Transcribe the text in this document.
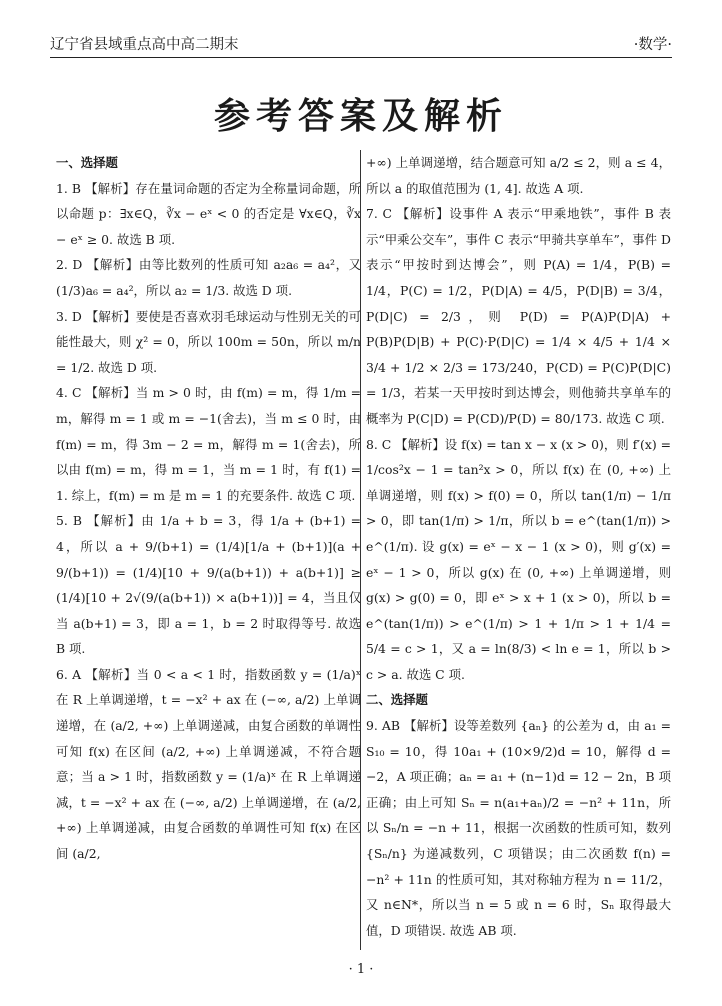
辽宁省县域重点高中高二期末	·数学·
参考答案及解析
一、选择题

1. B 【解析】存在量词命题的否定为全称量词命题，所以命题 p：∃x∈Q，∛x − eˣ < 0 的否定是 ∀x∈Q，∛x − eˣ ≥ 0. 故选 B 项.

2. D 【解析】由等比数列的性质可知 a₂a₆ = a₄²，又 (1/3)a₆ = a₄²，所以 a₂ = 1/3. 故选 D 项.

3. D 【解析】要使是否喜欢羽毛球运动与性别无关的可能性最大，则 χ² = 0，所以 100m = 50n，所以 m/n = 1/2. 故选 D 项.

4. C 【解析】当 m > 0 时，由 f(m) = m，得 1/m = m，解得 m = 1 或 m = −1(舍去)，当 m ≤ 0 时，由 f(m) = m，得 3m − 2 = m，解得 m = 1(舍去)，所以由 f(m) = m，得 m = 1，当 m = 1 时，有 f(1) = 1. 综上，f(m) = m 是 m = 1 的充要条件. 故选 C 项.

5. B 【解析】由 1/a + b = 3，得 1/a + (b+1) = 4，所以 a + 9/(b+1) = (1/4)[1/a + (b+1)](a + 9/(b+1)) = (1/4)[10 + 9/(a(b+1)) + a(b+1)] ≥ (1/4)[10 + 2√(9/(a(b+1)) × a(b+1))] = 4，当且仅当 a(b+1) = 3，即 a = 1，b = 2 时取得等号. 故选 B 项.

6. A 【解析】当 0 < a < 1 时，指数函数 y = (1/a)ˣ 在 R 上单调递增，t = −x² + ax 在 (−∞, a/2) 上单调递增，在 (a/2, +∞) 上单调递减，由复合函数的单调性可知 f(x) 在区间 (a/2, +∞) 上单调递减，不符合题意；当 a > 1 时，指数函数 y = (1/a)ˣ 在 R 上单调递减，t = −x² + ax 在 (−∞, a/2) 上单调递增，在 (a/2, +∞) 上单调递减，由复合函数的单调性可知 f(x) 在区间 (a/2,

+∞) 上单调递增，结合题意可知 a/2 ≤ 2，则 a ≤ 4，所以 a 的取值范围为 (1, 4]. 故选 A 项.

7. C 【解析】设事件 A 表示“甲乘地铁”，事件 B 表示“甲乘公交车”，事件 C 表示“甲骑共享单车”，事件 D 表示“甲按时到达博会”，则 P(A) = 1/4，P(B) = 1/4，P(C) = 1/2，P(D|A) = 4/5，P(D|B) = 3/4，P(D|C) = 2/3，则 P(D) = P(A)P(D|A) + P(B)P(D|B) + P(C)·P(D|C) = 1/4 × 4/5 + 1/4 × 3/4 + 1/2 × 2/3 = 173/240，P(CD) = P(C)P(D|C) = 1/3，若某一天甲按时到达博会，则他骑共享单车的概率为 P(C|D) = P(CD)/P(D) = 80/173. 故选 C 项.

8. C 【解析】设 f(x) = tan x − x (x > 0)，则 f′(x) = 1/cos²x − 1 = tan²x > 0，所以 f(x) 在 (0, +∞) 上单调递增，则 f(x) > f(0) = 0，所以 tan(1/π) − 1/π > 0，即 tan(1/π) > 1/π，所以 b = e^(tan(1/π)) > e^(1/π). 设 g(x) = eˣ − x − 1 (x > 0)，则 g′(x) = eˣ − 1 > 0，所以 g(x) 在 (0, +∞) 上单调递增，则 g(x) > g(0) = 0，即 eˣ > x + 1 (x > 0)，所以 b = e^(tan(1/π)) > e^(1/π) > 1 + 1/π > 1 + 1/4 = 5/4 = c > 1，又 a = ln(8/3) < ln e = 1，所以 b > c > a. 故选 C 项.

二、选择题

9. AB 【解析】设等差数列 {aₙ} 的公差为 d，由 a₁ = S₁₀ = 10，得 10a₁ + (10×9/2)d = 10，解得 d = −2，A 项正确；aₙ = a₁ + (n−1)d = 12 − 2n，B 项正确；由上可知 Sₙ = n(a₁+aₙ)/2 = −n² + 11n，所以 Sₙ/n = −n + 11，根据一次函数的性质可知，数列 {Sₙ/n} 为递减数列，C 项错误；由二次函数 f(n) = −n² + 11n 的性质可知，其对称轴方程为 n = 11/2，又 n∈N*，所以当 n = 5 或 n = 6 时，Sₙ 取得最大值，D 项错误. 故选 AB 项.

· 1 ·
